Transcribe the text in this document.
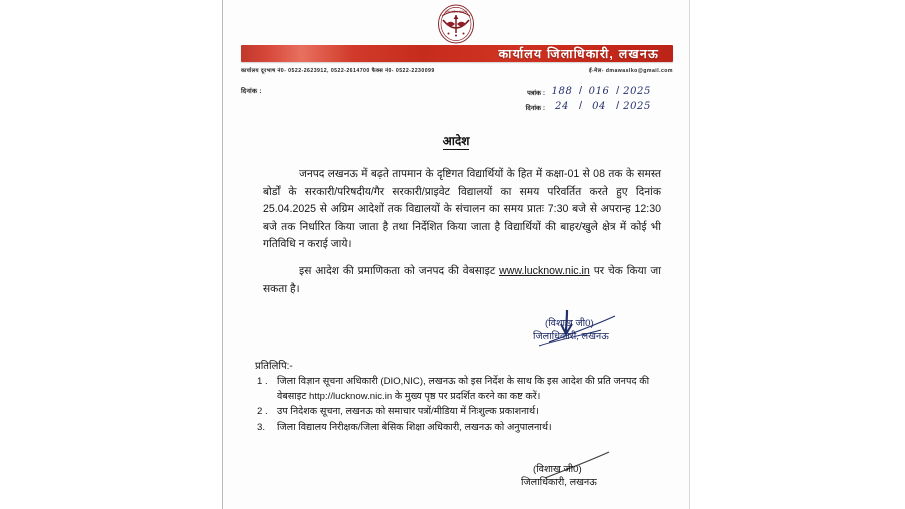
उत्तर प्रदेश सरकार
कार्यालय जिलाधिकारी, लखनऊ
कार्यालय दूरभाष नं0- 0522-2623912, 0522-2614700 फैक्स नं0- 0522-2230099	ई-मेल- dmawaslko@gmail.com
दिनांक :	पत्रांक : 188 / 016 / 2025
दिनांक :	24 /	04 / 2025
आदेश

जनपद लखनऊ में बढ़ते तापमान के दृष्टिगत विद्यार्थियों के हित में कक्षा-01 से 08 तक के समस्त बोर्डों के सरकारी/परिषदीय/गैर सरकारी/प्राइवेट विद्यालयों का समय परिवर्तित करते हुए दिनांक 25.04.2025 से अग्रिम आदेशों तक विद्यालयों के संचालन का समय प्रातः 7:30 बजे से अपरान्ह 12:30 बजे तक निर्धारित किया जाता है तथा निर्देशित किया जाता है विद्यार्थियों की बाहर/खुले क्षेत्र में कोई भी गतिविधि न कराई जाये।

इस आदेश की प्रमाणिकता को जनपद की वेबसाइट www.lucknow.nic.in पर चेक किया जा सकता है।

(विशाख जी0)
जिलाधिकारी, लखनऊ
प्रतिलिपि:-
1 . जिला विज्ञान सूचना अधिकारी (DIO,NIC), लखनऊ को इस निर्देश के साथ कि इस आदेश की प्रति जनपद की वेबसाइट http://lucknow.nic.in के मुख्य पृष्ठ पर प्रदर्शित करने का कष्ट करें।
2 . उप निदेशक सूचना, लखनऊ को समाचार पत्रों/मीडिया में निःशुल्क प्रकाशनार्थ।
3.	जिला विद्यालय निरीक्षक/जिला बेसिक शिक्षा अधिकारी, लखनऊ को अनुपालनार्थ।
(विशाख जी0)
जिलाधिकारी, लखनऊ
